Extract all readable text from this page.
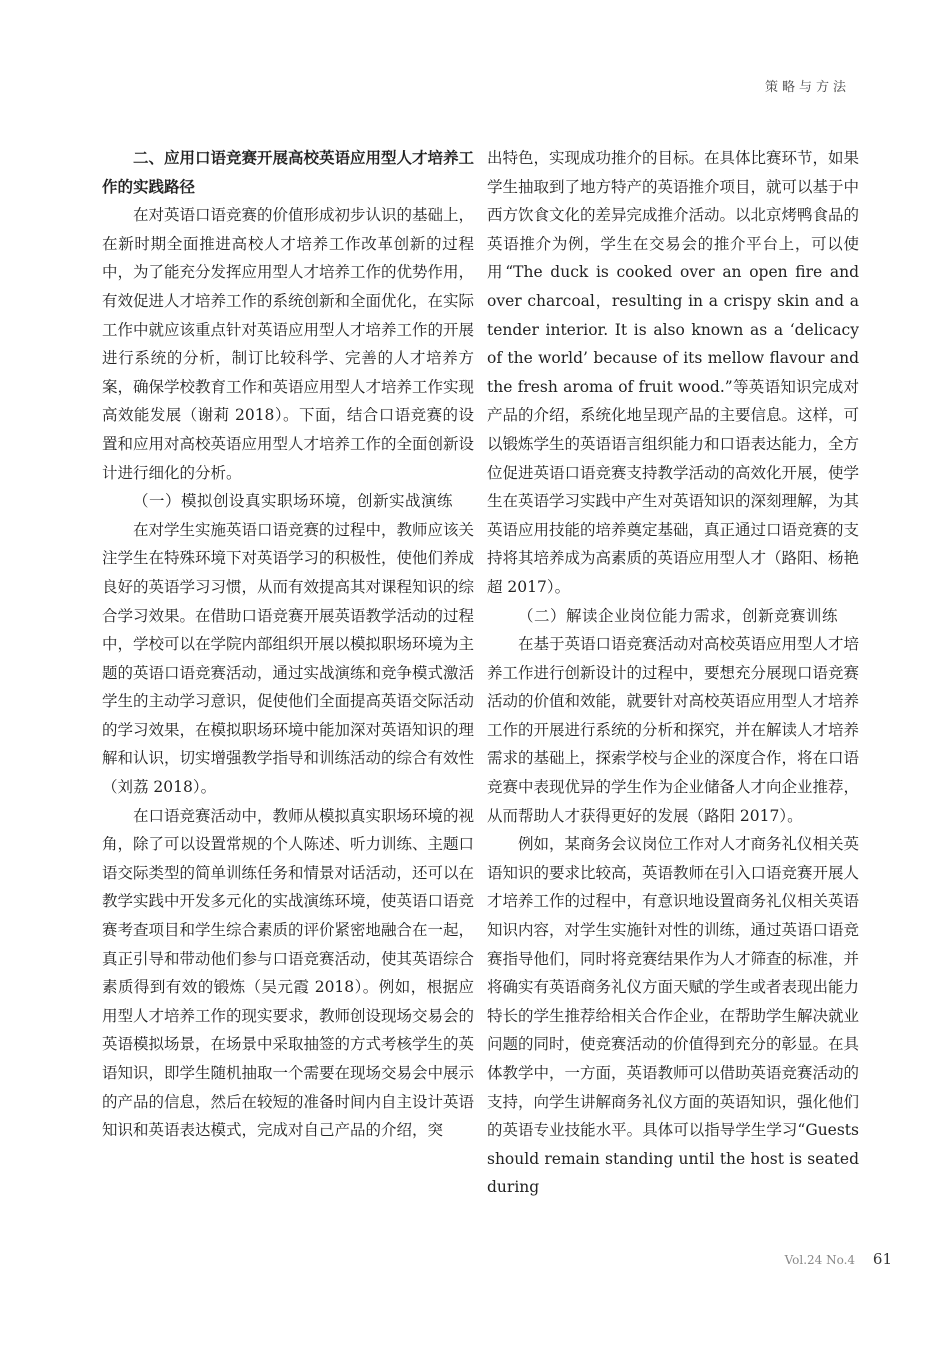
策略与方法

二、应用口语竞赛开展高校英语应用型人才培养工作的实践路径

在对英语口语竞赛的价值形成初步认识的基础上，在新时期全面推进高校人才培养工作改革创新的过程中，为了能充分发挥应用型人才培养工作的优势作用，有效促进人才培养工作的系统创新和全面优化，在实际工作中就应该重点针对英语应用型人才培养工作的开展进行系统的分析，制订比较科学、完善的人才培养方案，确保学校教育工作和英语应用型人才培养工作实现高效能发展（谢莉 2018）。下面，结合口语竞赛的设置和应用对高校英语应用型人才培养工作的全面创新设计进行细化的分析。

（一）模拟创设真实职场环境，创新实战演练

在对学生实施英语口语竞赛的过程中，教师应该关注学生在特殊环境下对英语学习的积极性，使他们养成良好的英语学习习惯，从而有效提高其对课程知识的综合学习效果。在借助口语竞赛开展英语教学活动的过程中，学校可以在学院内部组织开展以模拟职场环境为主题的英语口语竞赛活动，通过实战演练和竞争模式激活学生的主动学习意识，促使他们全面提高英语交际活动的学习效果，在模拟职场环境中能加深对英语知识的理解和认识，切实增强教学指导和训练活动的综合有效性（刘荔 2018）。

在口语竞赛活动中，教师从模拟真实职场环境的视角，除了可以设置常规的个人陈述、听力训练、主题口语交际类型的简单训练任务和情景对话活动，还可以在教学实践中开发多元化的实战演练环境，使英语口语竞赛考查项目和学生综合素质的评价紧密地融合在一起，真正引导和带动他们参与口语竞赛活动，使其英语综合素质得到有效的锻炼（吴元霞 2018）。例如，根据应用型人才培养工作的现实要求，教师创设现场交易会的英语模拟场景，在场景中采取抽签的方式考核学生的英语知识，即学生随机抽取一个需要在现场交易会中展示的产品的信息，然后在较短的准备时间内自主设计英语知识和英语表达模式，完成对自己产品的介绍，突

出特色，实现成功推介的目标。在具体比赛环节，如果学生抽取到了地方特产的英语推介项目，就可以基于中西方饮食文化的差异完成推介活动。以北京烤鸭食品的英语推介为例，学生在交易会的推介平台上，可以使用“The duck is cooked over an open fire and over charcoal，resulting in a crispy skin and a tender interior. It is also known as a ‘delicacy of the world’ because of its mellow flavour and the fresh aroma of fruit wood.”等英语知识完成对产品的介绍，系统化地呈现产品的主要信息。这样，可以锻炼学生的英语语言组织能力和口语表达能力，全方位促进英语口语竞赛支持教学活动的高效化开展，使学生在英语学习实践中产生对英语知识的深刻理解，为其英语应用技能的培养奠定基础，真正通过口语竞赛的支持将其培养成为高素质的英语应用型人才（路阳、杨艳超 2017）。

（二）解读企业岗位能力需求，创新竞赛训练

在基于英语口语竞赛活动对高校英语应用型人才培养工作进行创新设计的过程中，要想充分展现口语竞赛活动的价值和效能，就要针对高校英语应用型人才培养工作的开展进行系统的分析和探究，并在解读人才培养需求的基础上，探索学校与企业的深度合作，将在口语竞赛中表现优异的学生作为企业储备人才向企业推荐，从而帮助人才获得更好的发展（路阳 2017）。

例如，某商务会议岗位工作对人才商务礼仪相关英语知识的要求比较高，英语教师在引入口语竞赛开展人才培养工作的过程中，有意识地设置商务礼仪相关英语知识内容，对学生实施针对性的训练，通过英语口语竞赛指导他们，同时将竞赛结果作为人才筛查的标准，并将确实有英语商务礼仪方面天赋的学生或者表现出能力特长的学生推荐给相关合作企业，在帮助学生解决就业问题的同时，使竞赛活动的价值得到充分的彰显。在具体教学中，一方面，英语教师可以借助英语竞赛活动的支持，向学生讲解商务礼仪方面的英语知识，强化他们的英语专业技能水平。具体可以指导学生学习“Guests should remain standing until the host is seated during

Vol.24 No.4 61
